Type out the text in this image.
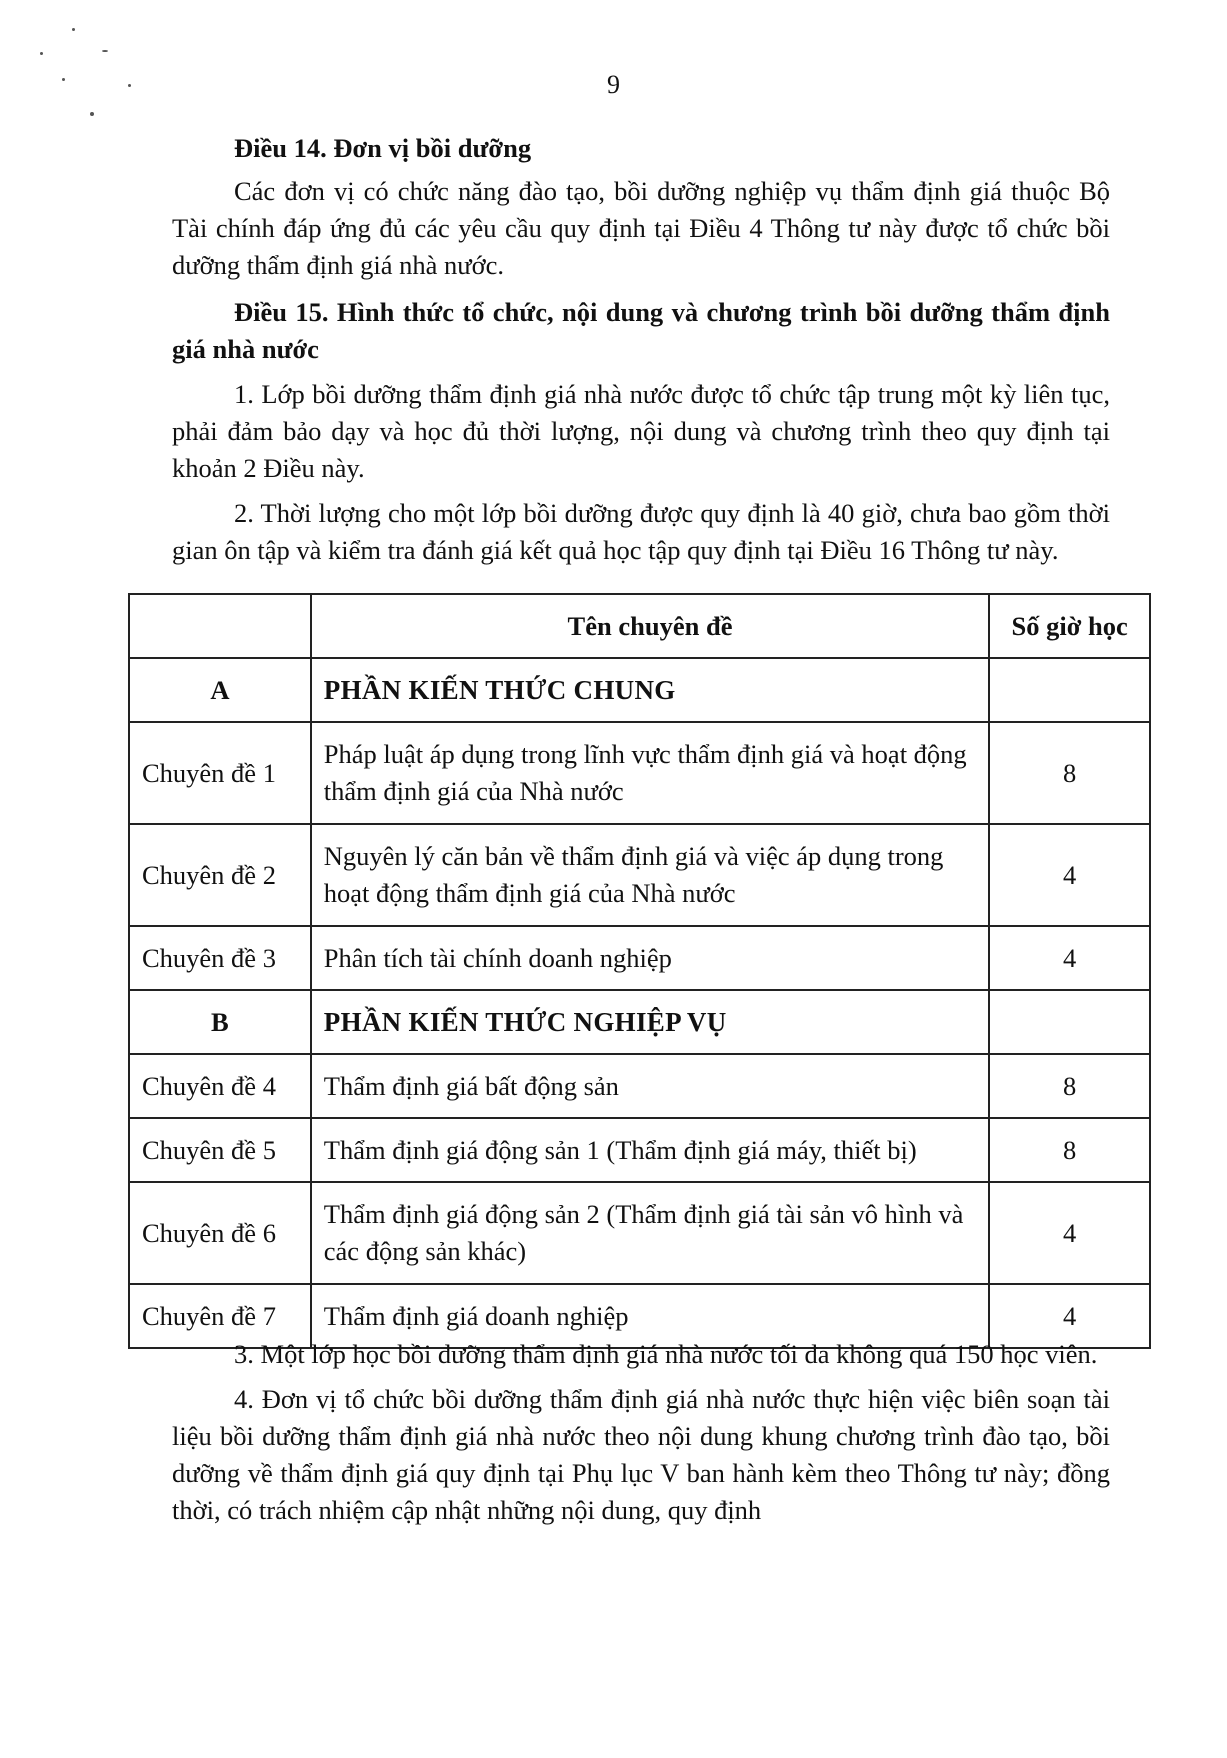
9

Điều 14. Đơn vị bồi dưỡng

Các đơn vị có chức năng đào tạo, bồi dưỡng nghiệp vụ thẩm định giá thuộc Bộ Tài chính đáp ứng đủ các yêu cầu quy định tại Điều 4 Thông tư này được tổ chức bồi dưỡng thẩm định giá nhà nước.

Điều 15. Hình thức tổ chức, nội dung và chương trình bồi dưỡng thẩm định giá nhà nước

1. Lớp bồi dưỡng thẩm định giá nhà nước được tổ chức tập trung một kỳ liên tục, phải đảm bảo dạy và học đủ thời lượng, nội dung và chương trình theo quy định tại khoản 2 Điều này.

2. Thời lượng cho một lớp bồi dưỡng được quy định là 40 giờ, chưa bao gồm thời gian ôn tập và kiểm tra đánh giá kết quả học tập quy định tại Điều 16 Thông tư này.

	Tên chuyên đề	Số giờ học
A	PHẦN KIẾN THỨC CHUNG	
Chuyên đề 1	Pháp luật áp dụng trong lĩnh vực thẩm định giá và hoạt động thẩm định giá của Nhà nước	8
Chuyên đề 2	Nguyên lý căn bản về thẩm định giá và việc áp dụng trong hoạt động thẩm định giá của Nhà nước	4
Chuyên đề 3	Phân tích tài chính doanh nghiệp	4
B	PHẦN KIẾN THỨC NGHIỆP VỤ	
Chuyên đề 4	Thẩm định giá bất động sản	8
Chuyên đề 5	Thẩm định giá động sản 1 (Thẩm định giá máy, thiết bị)	8
Chuyên đề 6	Thẩm định giá động sản 2 (Thẩm định giá tài sản vô hình và các động sản khác)	4
Chuyên đề 7	Thẩm định giá doanh nghiệp	4

3. Một lớp học bồi dưỡng thẩm định giá nhà nước tối đa không quá 150 học viên.

4. Đơn vị tổ chức bồi dưỡng thẩm định giá nhà nước thực hiện việc biên soạn tài liệu bồi dưỡng thẩm định giá nhà nước theo nội dung khung chương trình đào tạo, bồi dưỡng về thẩm định giá quy định tại Phụ lục V ban hành kèm theo Thông tư này; đồng thời, có trách nhiệm cập nhật những nội dung, quy định
